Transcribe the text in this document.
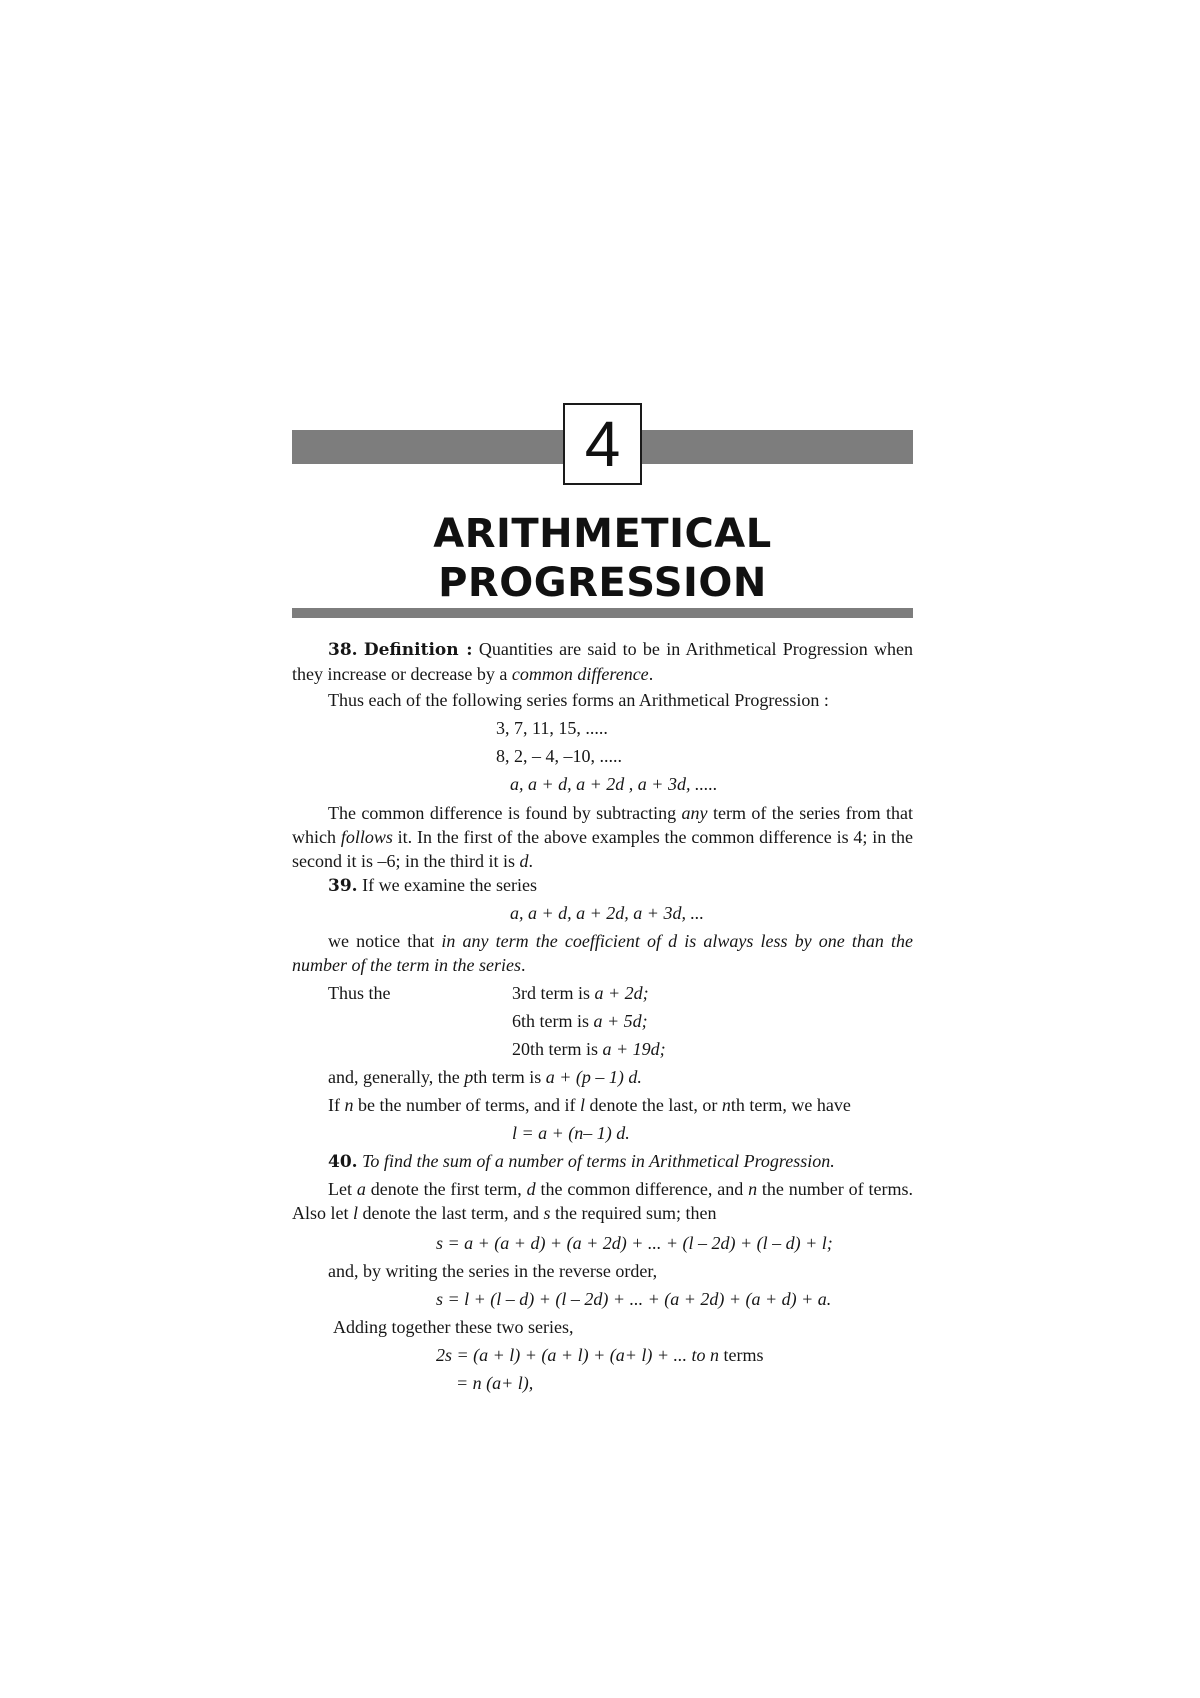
4
ARITHMETICAL
PROGRESSION
38. Definition : Quantities are said to be in Arithmetical Progression when they increase or decrease by a common difference.
Thus each of the following series forms an Arithmetical Progression :
3, 7, 11, 15, .....
8, 2, – 4, –10, .....
a, a + d, a + 2d , a + 3d, .....
The common difference is found by subtracting any term of the series from that which follows it. In the first of the above examples the common difference is 4; in the second it is –6; in the third it is d.
39. If we examine the series
a, a + d, a + 2d, a + 3d, ...
we notice that in any term the coefficient of d is always less by one than the number of the term in the series.
Thus the	3rd term is a + 2d;
6th term is a + 5d;
20th term is a + 19d;
and, generally, the pth term is a + (p – 1) d.
If n be the number of terms, and if l denote the last, or nth term, we have
l = a + (n– 1) d.
40. To find the sum of a number of terms in Arithmetical Progression.
Let a denote the first term, d the common difference, and n the number of terms. Also let l denote the last term, and s the required sum; then
s = a + (a + d) + (a + 2d) + ... + (l – 2d) + (l – d) + l;
and, by writing the series in the reverse order,
s = l + (l – d) + (l – 2d) + ... + (a + 2d) + (a + d) + a.
Adding together these two series,
2s = (a + l) + (a + l) + (a+ l) + ... to n terms
= n (a+ l),
